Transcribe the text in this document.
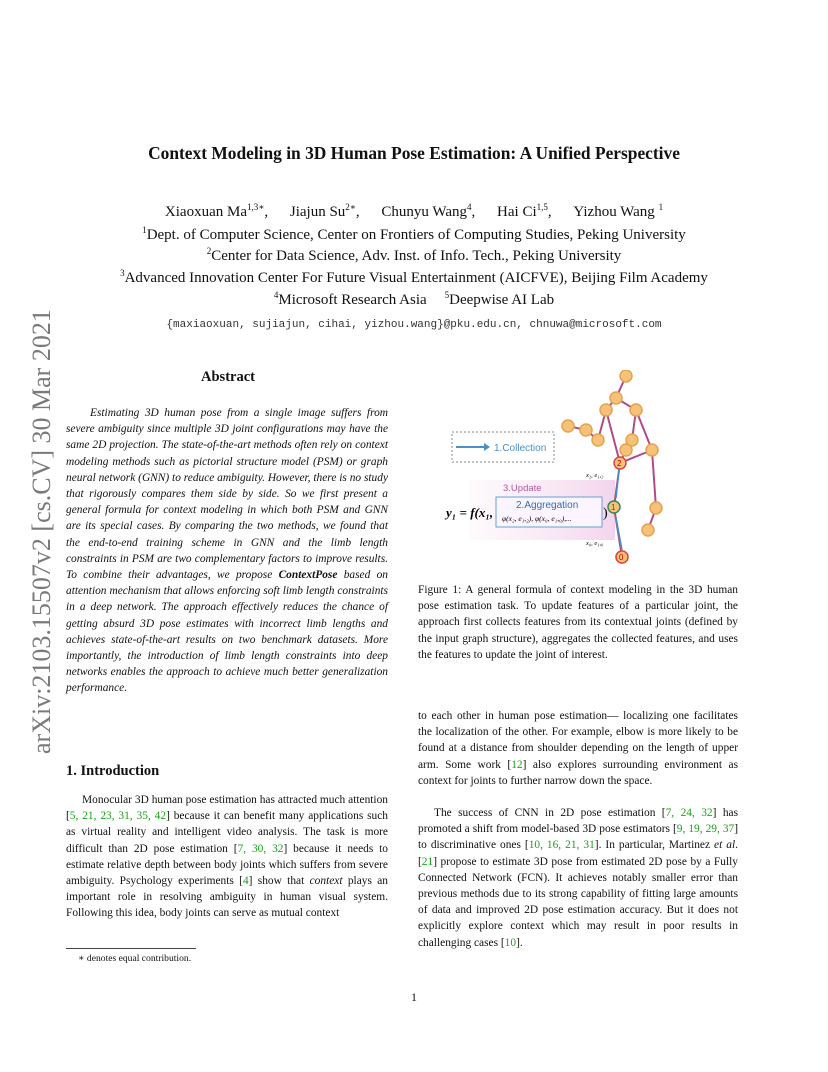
arXiv:2103.15507v2 [cs.CV] 30 Mar 2021
Context Modeling in 3D Human Pose Estimation: A Unified Perspective
Xiaoxuan $Ma^{1,3∗}$, Jiajun $Su^{2∗}$, Chunyu Wang$^4$, Hai Ci$^{1,5}$, Yizhou Wang $^1$
$^1$Dept. of Computer Science, Center on Frontiers of Computing Studies, Peking University
$^2$Center for Data Science, Adv. Inst. of Info. Tech., Peking University
$^3$Advanced Innovation Center For Future Visual Entertainment (AICFVE), Beijing Film Academy
$^4$Microsoft Research Asia $^5$Deepwise AI Lab
{maxiaoxuan, sujiajun, cihai, yizhou.wang}@pku.edu.cn, chnuwa@microsoft.com
Abstract

Estimating 3D human pose from a single image suffers from severe ambiguity since multiple 3D joint configurations may have the same 2D projection. The state-of-the-art methods often rely on context modeling methods such as pictorial structure model (PSM) or graph neural network (GNN) to reduce ambiguity. However, there is no study that rigorously compares them side by side. So we first present a general formula for context modeling in which both PSM and GNN are its special cases. By comparing the two methods, we found that the end-to-end training scheme in GNN and the limb length constraints in PSM are two complementary factors to improve results. To combine their advantages, we propose ContextPose based on attention mechanism that allows enforcing soft limb length constraints in a deep network. The approach effectively reduces the chance of getting absurd 3D pose estimates with incorrect limb lengths and achieves state-of-the-art results on two benchmark datasets. More importantly, the introduction of limb length constraints into deep networks enables the approach to achieve much better generalization performance.

1. Introduction

Monocular 3D human pose estimation has attracted much attention [5, 21, 23, 31, 35, 42] because it can benefit many applications such as virtual reality and intelligent video analysis. The task is more difficult than 2D pose estimation [7, 30, 32] because it needs to estimate relative depth between body joints which suffers from severe ambiguity. Psychology experiments [4] show that context plays an important role in resolving ambiguity in human visual system. Following this idea, body joints can serve as mutual context

∗ denotes equal contribution.
1.Collection
3.Update
2.Aggregation
φ(x₂, e₁,₂), φ(x₀, e₁,₀),...
y₁ = f(x₁,	)
2
1
0
x₂, e₁,₂
x₀, e₁,₀

Figure 1: A general formula of context modeling in the 3D human pose estimation task. To update features of a particular joint, the approach first collects features from its contextual joints (defined by the input graph structure), aggregates the collected features, and uses the features to update the joint of interest.

to each other in human pose estimation— localizing one facilitates the localization of the other. For example, elbow is more likely to be found at a distance from shoulder depending on the length of upper arm. Some work [12] also explores surrounding environment as context for joints to further narrow down the space.

The success of CNN in 2D pose estimation [7, 24, 32] has promoted a shift from model-based 3D pose estimators [9, 19, 29, 37] to discriminative ones [10, 16, 21, 31]. In particular, Martinez et al. [21] propose to estimate 3D pose from estimated 2D pose by a Fully Connected Network (FCN). It achieves notably smaller error than previous methods due to its strong capability of fitting large amounts of data and improved 2D pose estimation accuracy. But it does not explicitly explore context which may result in poor results in challenging cases [10].

1
